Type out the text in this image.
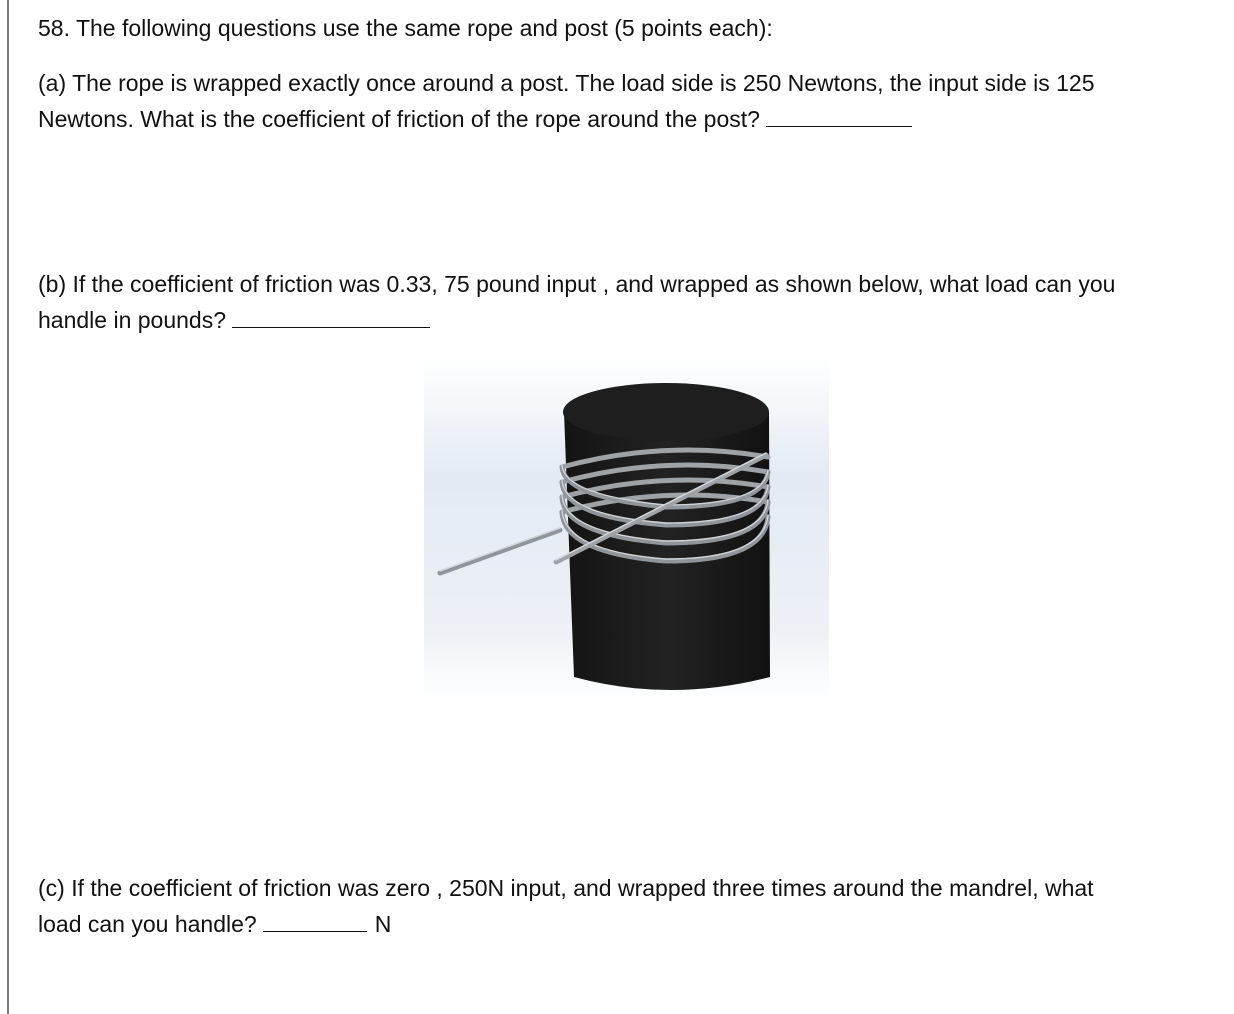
58. The following questions use the same rope and post (5 points each):

(a) The rope is wrapped exactly once around a post. The load side is 250 Newtons, the input side is 125
Newtons. What is the coefficient of friction of the rope around the post?

(b) If the coefficient of friction was 0.33, 75 pound input , and wrapped as shown below, what load can you
handle in pounds?

(c) If the coefficient of friction was zero , 250N input, and wrapped three times around the mandrel, what
load can you handle?	N
